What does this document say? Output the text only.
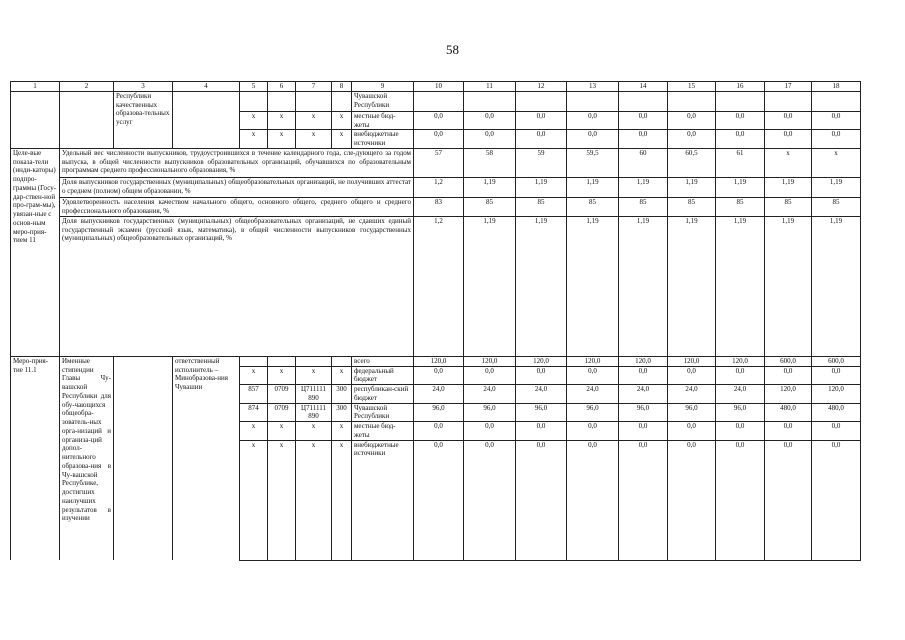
58
1	2	3	4	5	6	7	8	9	10	11	12	13	14	15	16	17	18
		Республики качественных образова-тельных услуг						Чувашской Республики									
				x	x	x	x	местные бюд-жеты	0,0	0,0	0,0	0,0	0,0	0,0	0,0	0,0	0,0
				x	x	x	x	внебюджетные источники	0,0	0,0	0,0	0,0	0,0	0,0	0,0	0,0	0,0
Целе-вые показа-тели (инди-каторы) подпро-граммы (Госу-дар-ствен-ной про-грам-мы), увязан-ные с основ-ным меро-прия-тием 11	Удельный вес численности выпускников, трудоустроившихся в течение календарного года, сле-дующего за годом выпуска, в общей численности выпускников образовательных организаций, обучавшихся по образовательным программам среднего профессионального образования, %								57	58	59	59,5	60	60,5	61	x	x
	Доля выпускников государственных (муниципальных) общеобразовательных организаций, не получивших аттестат о среднем (полном) общем образовании, %								1,2	1,19	1,19	1,19	1,19	1,19	1,19	1,19	1,19
	Удовлетворенность населения качеством начального общего, основного общего, среднего общего и среднего профессионального образования, %								83	85	85	85	85	85	85	85	85
	Доля выпускников государственных (муниципальных) общеобразовательных организаций, не сдавших единый государственный экзамен (русский язык, математика), в общей численности выпускников государственных (муниципальных) общеобразовательных организаций, %								1,2	1,19	1,19	1,19	1,19	1,19	1,19	1,19	1,19
Меро-прия-тие 11.1	Именные стипендии Главы Чу-вашской Республики для обу-чающихся общеобра-зователь-ных орга-низаций и организа-ций допол-нительного образова-ния в Чу-вашской Республике, достигших наилучших результатов в изучении		ответственный исполнитель – Минобразова-ния Чувашии					всего	120,0	120,0	120,0	120,0	120,0	120,0	120,0	600,0	600,0
				x	x	x	x	федеральный бюджет	0,0	0,0	0,0	0,0	0,0	0,0	0,0	0,0	0,0
				857	0709	Ц711111 890	300	республикан-ский бюджет	24,0	24,0	24,0	24,0	24,0	24,0	24,0	120,0	120,0
				874	0709	Ц711111 890	300	Чувашской Республики	96,0	96,0	96,0	96,0	96,0	96,0	96,0	480,0	480,0
				x	x	x	x	местные бюд-жеты	0,0	0,0	0,0	0,0	0,0	0,0	0,0	0,0	0,0
				x	x	x	x	внебюджетные источники	0,0	0,0	0,0	0,0	0,0	0,0	0,0	0,0	0,0
